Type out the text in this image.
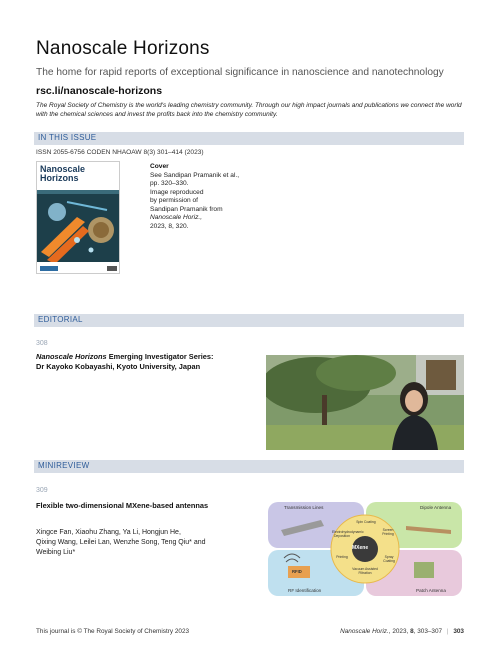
Nanoscale Horizons
The home for rapid reports of exceptional significance in nanoscience and nanotechnology
rsc.li/nanoscale-horizons
The Royal Society of Chemistry is the world's leading chemistry community. Through our high impact journals and publications we connect the world with the chemical sciences and invest the profits back into the chemistry community.
IN THIS ISSUE
ISSN 2055-6756 CODEN NHAOAW 8(3) 301–414 (2023)
Nanoscale Horizons
Cover
See Sandipan Pramanik et al.,
pp. 320–330.
Image reproduced
by permission of
Sandipan Pramanik from
Nanoscale Horiz.,
2023, 8, 320.
EDITORIAL
308
Nanoscale Horizons Emerging Investigator Series:
Dr Kayoko Kobayashi, Kyoto University, Japan
MINIREVIEW
309
Flexible two-dimensional MXene-based antennas
Xingce Fan, Xiaohu Zhang, Ya Li, Hongjun He,
Qixing Wang, Leilei Lan, Wenzhe Song, Teng Qiu* and
Weibing Liu*
MXene
Transmission Lines	Dipole Antenna
RF Identification	Patch Antenna
RFID
Spin Coating
Screen Printing
Spray Coating
Vacuum Assisted Filtration
Printing
Electrohydrodynamic Deposition
This journal is © The Royal Society of Chemistry 2023	Nanoscale Horiz., 2023, 8, 303–307 | 303
